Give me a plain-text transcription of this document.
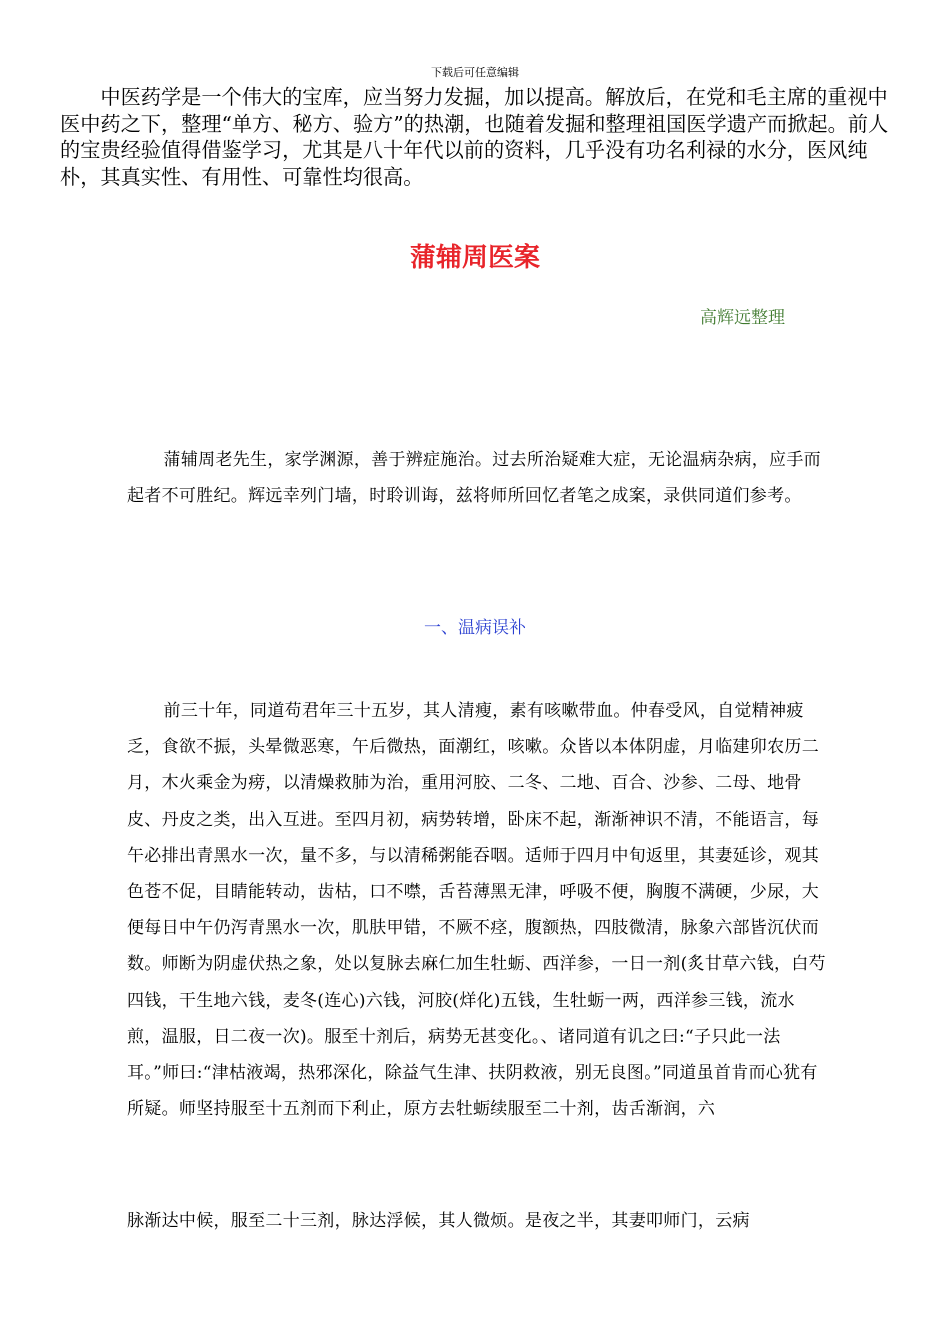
下载后可任意编辑

中医药学是一个伟大的宝库，应当努力发掘，加以提高。解放后，在党和毛主席的重视中医中药之下，整理“单方、秘方、验方”的热潮，也随着发掘和整理祖国医学遗产而掀起。前人的宝贵经验值得借鉴学习，尤其是八十年代以前的资料，几乎没有功名利禄的水分，医风纯朴，其真实性、有用性、可靠性均很高。

蒲辅周医案
高辉远整理

蒲辅周老先生，家学渊源，善于辨症施治。过去所治疑难大症，无论温病杂病，应手而起者不可胜纪。辉远幸列门墙，时聆训诲，兹将师所回忆者笔之成案，录供同道们参考。

一、温病误补

前三十年，同道苟君年三十五岁，其人清瘦，素有咳嗽带血。仲春受风，自觉精神疲乏，食欲不振，头晕微恶寒，午后微热，面潮红，咳嗽。众皆以本体阴虚，月临建卯农历二月，木火乘金为痨，以清燥救肺为治，重用河胶、二冬、二地、百合、沙参、二母、地骨皮、丹皮之类，出入互进。至四月初，病势转增，卧床不起，渐渐神识不清，不能语言，每午必排出青黑水一次，量不多，与以清稀粥能吞咽。适师于四月中旬返里，其妻延诊，观其色苍不促，目睛能转动，齿枯，口不噤，舌苔薄黑无津，呼吸不便，胸腹不满硬，少尿，大便每日中午仍泻青黑水一次，肌肤甲错，不厥不痉，腹额热，四肢微清，脉象六部皆沉伏而数。师断为阴虚伏热之象，处以复脉去麻仁加生牡蛎、西洋参，一日一剂(炙甘草六钱，白芍四钱，干生地六钱，麦冬(连心)六钱，河胶(烊化)五钱，生牡蛎一两，西洋参三钱，流水煎，温服，日二夜一次)。服至十剂后，病势无甚变化。、诸同道有讥之曰:“子只此一法耳。”师曰:“津枯液竭，热邪深化，除益气生津、扶阴救液，别无良图。”同道虽首肯而心犹有所疑。师坚持服至十五剂而下利止，原方去牡蛎续服至二十剂，齿舌渐润，六

脉渐达中候，服至二十三剂，脉达浮候，其人微烦。是夜之半，其妻叩师门，云病
